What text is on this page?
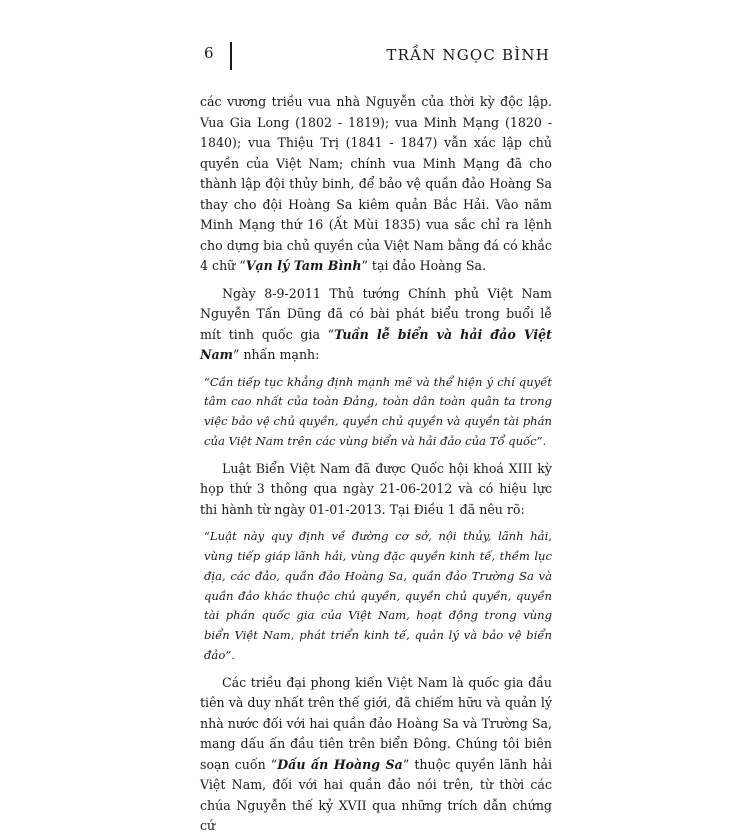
6	TRẦN NGỌC BÌNH

các vương triều vua nhà Nguyễn của thời kỳ độc lập. Vua Gia Long (1802 - 1819); vua Minh Mạng (1820 - 1840); vua Thiệu Trị (1841 - 1847) vẫn xác lập chủ quyền của Việt Nam; chính vua Minh Mạng đã cho thành lập đội thủy binh, để bảo vệ quần đảo Hoàng Sa thay cho đội Hoàng Sa kiêm quản Bắc Hải. Vào năm Minh Mạng thứ 16 (Ất Mùi 1835) vua sắc chỉ ra lệnh cho dựng bia chủ quyền của Việt Nam bằng đá có khắc 4 chữ “Vạn lý Tam Bình” tại đảo Hoàng Sa.

Ngày 8-9-2011 Thủ tướng Chính phủ Việt Nam Nguyễn Tấn Dũng đã có bài phát biểu trong buổi lễ mít tinh quốc gia “Tuần lễ biển và hải đảo Việt Nam” nhấn mạnh:

“Cần tiếp tục khẳng định mạnh mẽ và thể hiện ý chí quyết tâm cao nhất của toàn Đảng, toàn dân toàn quân ta trong việc bảo vệ chủ quyền, quyền chủ quyền và quyền tài phán của Việt Nam trên các vùng biển và hải đảo của Tổ quốc”.

Luật Biển Việt Nam đã được Quốc hội khoá XIII kỳ họp thứ 3 thông qua ngày 21-06-2012 và có hiệu lực thi hành từ ngày 01-01-2013. Tại Điều 1 đã nêu rõ:

“Luật này quy định về đường cơ sở, nội thủy, lãnh hải, vùng tiếp giáp lãnh hải, vùng đặc quyền kinh tế, thềm lục địa, các đảo, quần đảo Hoàng Sa, quần đảo Trường Sa và quần đảo khác thuộc chủ quyền, quyền chủ quyền, quyền tài phán quốc gia của Việt Nam, hoạt động trong vùng biển Việt Nam, phát triển kinh tế, quản lý và bảo vệ biển đảo”.

Các triều đại phong kiến Việt Nam là quốc gia đầu tiên và duy nhất trên thế giới, đã chiếm hữu và quản lý nhà nước đối với hai quần đảo Hoàng Sa và Trường Sa, mang dấu ấn đầu tiên trên biển Đông. Chúng tôi biên soạn cuốn “Dấu ấn Hoàng Sa” thuộc quyền lãnh hải Việt Nam, đối với hai quần đảo nói trên, từ thời các chúa Nguyễn thế kỷ XVII qua những trích dẫn chứng cứ
